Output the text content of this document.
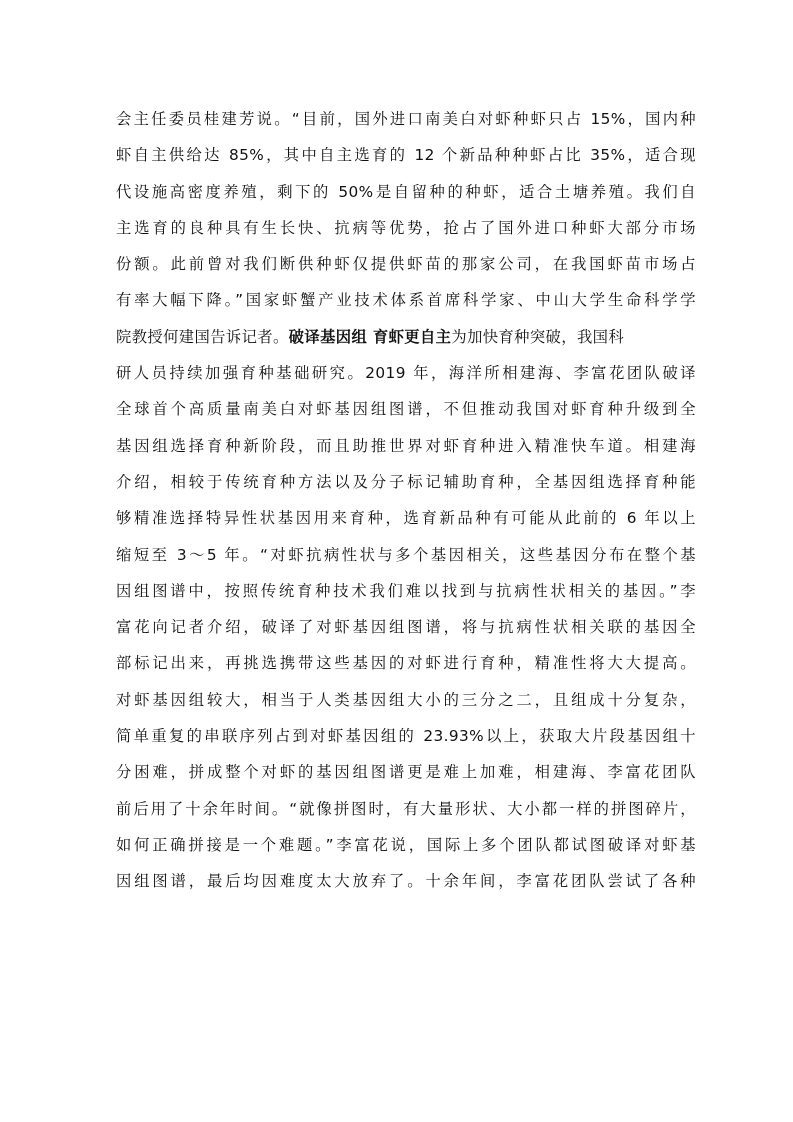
会主任委员桂建芳说。“目前，国外进口南美白对虾种虾只占 15%，国内种
虾自主供给达 85%，其中自主选育的 12 个新品种种虾占比 35%，适合现
代设施高密度养殖，剩下的 50%是自留种的种虾，适合土塘养殖。我们自
主选育的良种具有生长快、抗病等优势，抢占了国外进口种虾大部分市场
份额。此前曾对我们断供种虾仅提供虾苗的那家公司，在我国虾苗市场占
有率大幅下降。”国家虾蟹产业技术体系首席科学家、中山大学生命科学学
院教授何建国告诉记者。破译基因组 育虾更自主为加快育种突破，我国科
研人员持续加强育种基础研究。2019 年，海洋所相建海、李富花团队破译
全球首个高质量南美白对虾基因组图谱，不但推动我国对虾育种升级到全
基因组选择育种新阶段，而且助推世界对虾育种进入精准快车道。相建海
介绍，相较于传统育种方法以及分子标记辅助育种，全基因组选择育种能
够精准选择特异性状基因用来育种，选育新品种有可能从此前的 6 年以上
缩短至 3～5 年。“对虾抗病性状与多个基因相关，这些基因分布在整个基
因组图谱中，按照传统育种技术我们难以找到与抗病性状相关的基因。”李
富花向记者介绍，破译了对虾基因组图谱，将与抗病性状相关联的基因全
部标记出来，再挑选携带这些基因的对虾进行育种，精准性将大大提高。
对虾基因组较大，相当于人类基因组大小的三分之二，且组成十分复杂，
简单重复的串联序列占到对虾基因组的 23.93%以上，获取大片段基因组十
分困难，拼成整个对虾的基因组图谱更是难上加难，相建海、李富花团队
前后用了十余年时间。“就像拼图时，有大量形状、大小都一样的拼图碎片，
如何正确拼接是一个难题。”李富花说，国际上多个团队都试图破译对虾基
因组图谱，最后均因难度太大放弃了。十余年间，李富花团队尝试了各种
